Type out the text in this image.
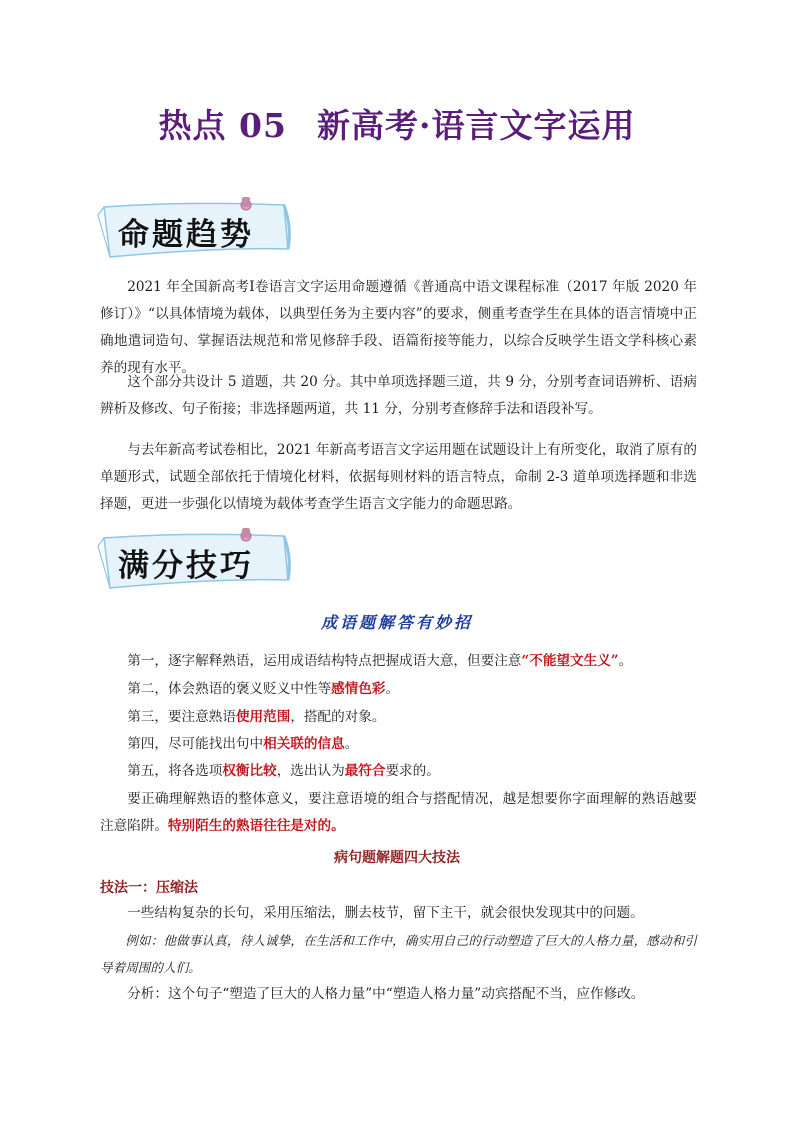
热点 05 新高考·语言文字运用
命题趋势

2021 年全国新高考Ⅰ卷语言文字运用命题遵循《普通高中语文课程标准（2017 年版 2020 年修订）》“以具体情境为载体，以典型任务为主要内容”的要求，侧重考查学生在具体的语言情境中正确地遣词造句、掌握语法规范和常见修辞手段、语篇衔接等能力，以综合反映学生语文学科核心素养的现有水平。

这个部分共设计 5 道题，共 20 分。其中单项选择题三道，共 9 分，分别考查词语辨析、语病辨析及修改、句子衔接；非选择题两道，共 11 分，分别考查修辞手法和语段补写。

与去年新高考试卷相比，2021 年新高考语言文字运用题在试题设计上有所变化，取消了原有的单题形式，试题全部依托于情境化材料，依据每则材料的语言特点，命制 2-3 道单项选择题和非选择题，更进一步强化以情境为载体考查学生语言文字能力的命题思路。

满分技巧
成语题解答有妙招

第一，逐字解释熟语，运用成语结构特点把握成语大意，但要注意“不能望文生义”。

第二，体会熟语的褒义贬义中性等感情色彩。

第三，要注意熟语使用范围，搭配的对象。

第四，尽可能找出句中相关联的信息。

第五，将各选项权衡比较，选出认为最符合要求的。

要正确理解熟语的整体意义，要注意语境的组合与搭配情况，越是想要你字面理解的熟语越要注意陷阱。特别陌生的熟语往往是对的。

病句题解题四大技法
技法一：压缩法

一些结构复杂的长句，采用压缩法，删去枝节，留下主干，就会很快发现其中的问题。

例如：他做事认真，待人诚挚，在生活和工作中，确实用自己的行动塑造了巨大的人格力量，感动和引导着周围的人们。

分析：这个句子“塑造了巨大的人格力量”中“塑造人格力量”动宾搭配不当，应作修改。
